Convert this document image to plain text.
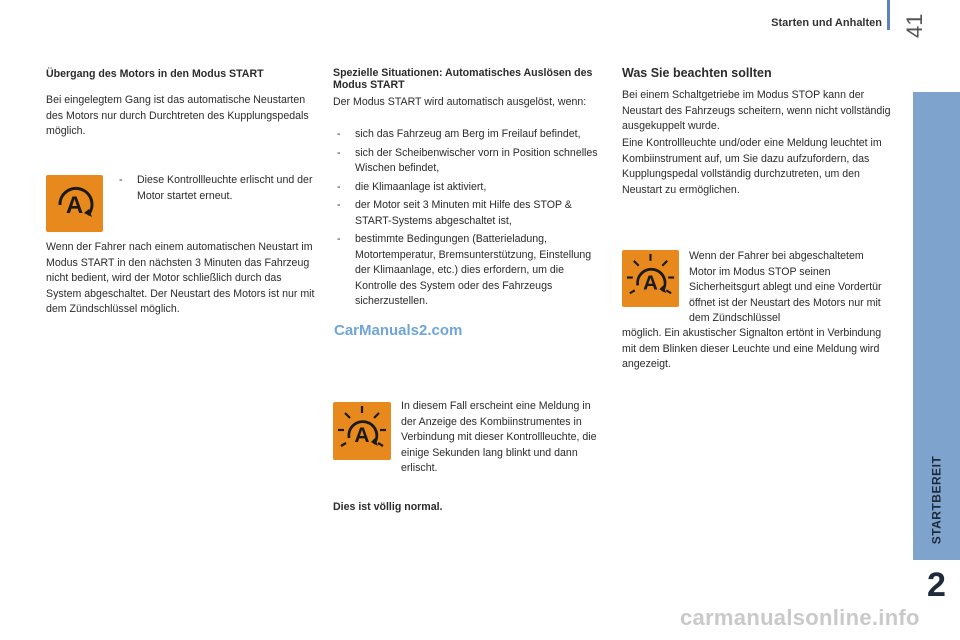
Starten und Anhalten 41
STARTBEREIT
2
Übergang des Motors in den Modus START

Bei eingelegtem Gang ist das automatische Neustarten des Motors nur durch Durchtreten des Kupplungspedals möglich.

A
- Diese Kontrollleuchte erlischt und der Motor startet erneut.

Wenn der Fahrer nach einem automatischen Neustart im Modus START in den nächsten 3 Minuten das Fahrzeug nicht bedient, wird der Motor schließlich durch das System abgeschaltet. Der Neustart des Motors ist nur mit dem Zündschlüssel möglich.

Spezielle Situationen: Automatisches Auslösen des Modus START

Der Modus START wird automatisch ausgelöst, wenn:

- sich das Fahrzeug am Berg im Freilauf befindet,
- sich der Scheibenwischer vorn in Position schnelles Wischen befindet,
- die Klimaanlage ist aktiviert,
- der Motor seit 3 Minuten mit Hilfe des STOP & START-Systems abgeschaltet ist,
- bestimmte Bedingungen (Batterieladung, Motortemperatur, Bremsunterstützung, Einstellung der Klimaanlage, etc.) dies erfordern, um die Kontrolle des System oder des Fahrzeugs sicherzustellen.
CarManuals2.com
A

In diesem Fall erscheint eine Meldung in der Anzeige des Kombiinstrumentes in Verbindung mit dieser Kontrollleuchte, die einige Sekunden lang blinkt und dann erlischt.

Dies ist völlig normal.
Was Sie beachten sollten

Bei einem Schaltgetriebe im Modus STOP kann der Neustart des Fahrzeugs scheitern, wenn nicht vollständig ausgekuppelt wurde.

Eine Kontrollleuchte und/oder eine Meldung leuchtet im Kombiinstrument auf, um Sie dazu aufzufordern, das Kupplungspedal vollständig durchzutreten, um den Neustart zu ermöglichen.

A

Wenn der Fahrer bei abgeschaltetem Motor im Modus STOP seinen Sicherheitsgurt ablegt und eine Vordertür öffnet ist der Neustart des Motors nur mit dem Zündschlüssel

möglich. Ein akustischer Signalton ertönt in Verbindung mit dem Blinken dieser Leuchte und eine Meldung wird angezeigt.

carmanualsonline.info
